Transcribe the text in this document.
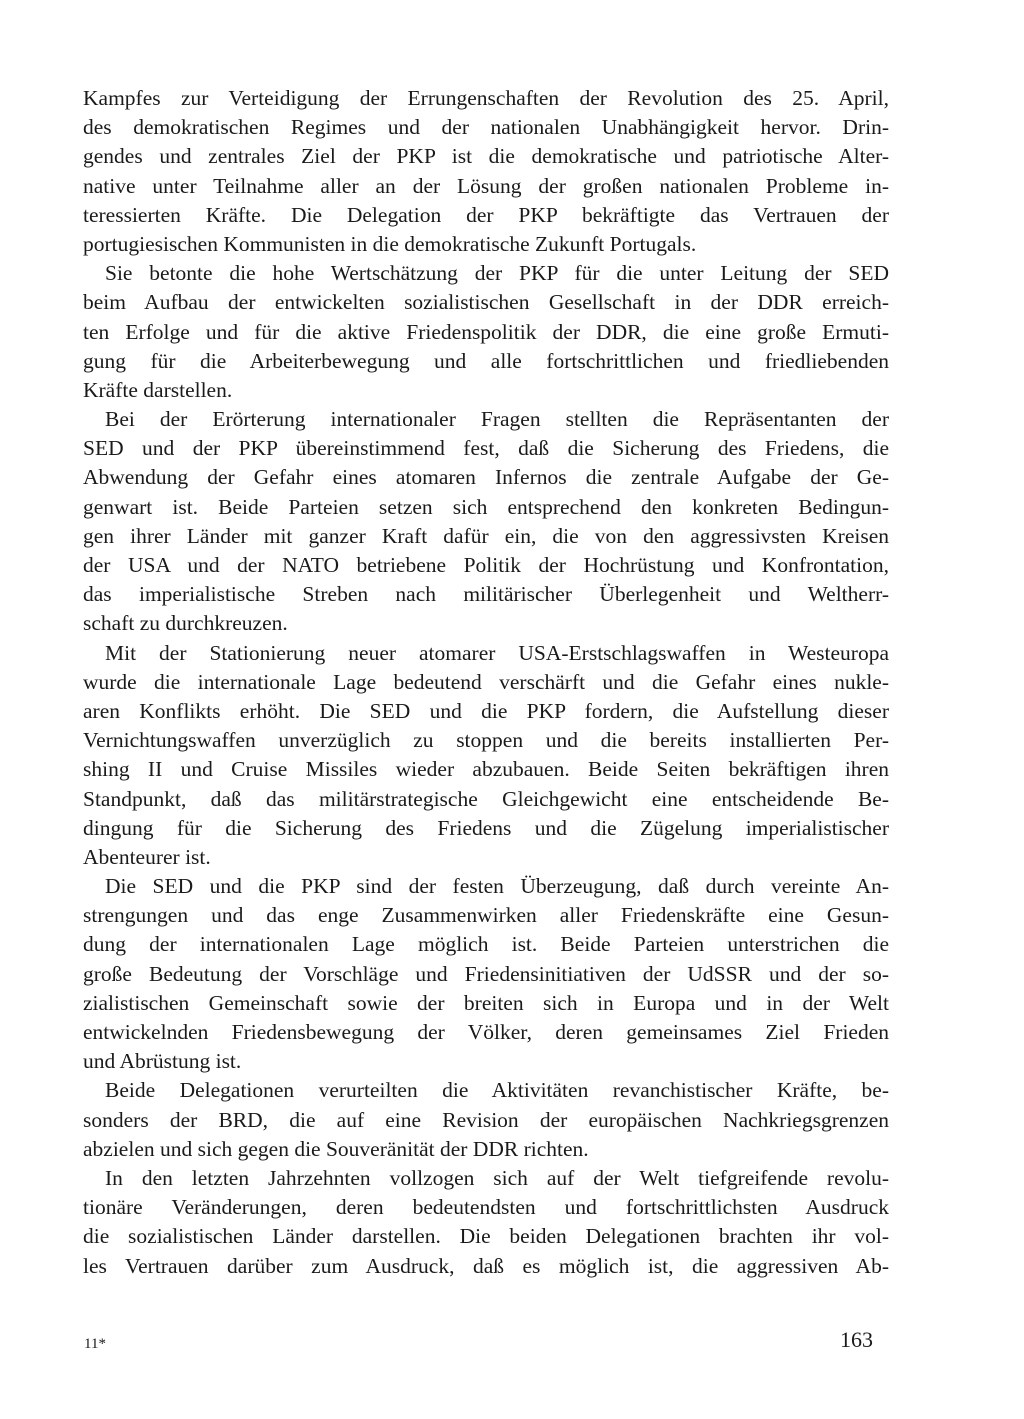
Kampfes zur Verteidigung der Errungenschaften der Revolution des 25. April,
des demokratischen Regimes und der nationalen Unabhängigkeit hervor. Drin-
gendes und zentrales Ziel der PKP ist die demokratische und patriotische Alter-
native unter Teilnahme aller an der Lösung der großen nationalen Probleme in-
teressierten Kräfte. Die Delegation der PKP bekräftigte das Vertrauen der
portugiesischen Kommunisten in die demokratische Zukunft Portugals.
Sie betonte die hohe Wertschätzung der PKP für die unter Leitung der SED
beim Aufbau der entwickelten sozialistischen Gesellschaft in der DDR erreich-
ten Erfolge und für die aktive Friedenspolitik der DDR, die eine große Ermuti-
gung für die Arbeiterbewegung und alle fortschrittlichen und friedliebenden
Kräfte darstellen.
Bei der Erörterung internationaler Fragen stellten die Repräsentanten der
SED und der PKP übereinstimmend fest, daß die Sicherung des Friedens, die
Abwendung der Gefahr eines atomaren Infernos die zentrale Aufgabe der Ge-
genwart ist. Beide Parteien setzen sich entsprechend den konkreten Bedingun-
gen ihrer Länder mit ganzer Kraft dafür ein, die von den aggressivsten Kreisen
der USA und der NATO betriebene Politik der Hochrüstung und Konfrontation,
das imperialistische Streben nach militärischer Überlegenheit und Weltherr-
schaft zu durchkreuzen.
Mit der Stationierung neuer atomarer USA-Erstschlagswaffen in Westeuropa
wurde die internationale Lage bedeutend verschärft und die Gefahr eines nukle-
aren Konflikts erhöht. Die SED und die PKP fordern, die Aufstellung dieser
Vernichtungswaffen unverzüglich zu stoppen und die bereits installierten Per-
shing II und Cruise Missiles wieder abzubauen. Beide Seiten bekräftigen ihren
Standpunkt, daß das militärstrategische Gleichgewicht eine entscheidende Be-
dingung für die Sicherung des Friedens und die Zügelung imperialistischer
Abenteurer ist.
Die SED und die PKP sind der festen Überzeugung, daß durch vereinte An-
strengungen und das enge Zusammenwirken aller Friedenskräfte eine Gesun-
dung der internationalen Lage möglich ist. Beide Parteien unterstrichen die
große Bedeutung der Vorschläge und Friedensinitiativen der UdSSR und der so-
zialistischen Gemeinschaft sowie der breiten sich in Europa und in der Welt
entwickelnden Friedensbewegung der Völker, deren gemeinsames Ziel Frieden
und Abrüstung ist.
Beide Delegationen verurteilten die Aktivitäten revanchistischer Kräfte, be-
sonders der BRD, die auf eine Revision der europäischen Nachkriegsgrenzen
abzielen und sich gegen die Souveränität der DDR richten.
In den letzten Jahrzehnten vollzogen sich auf der Welt tiefgreifende revolu-
tionäre Veränderungen, deren bedeutendsten und fortschrittlichsten Ausdruck
die sozialistischen Länder darstellen. Die beiden Delegationen brachten ihr vol-
les Vertrauen darüber zum Ausdruck, daß es möglich ist, die aggressiven Ab-
11*	163
